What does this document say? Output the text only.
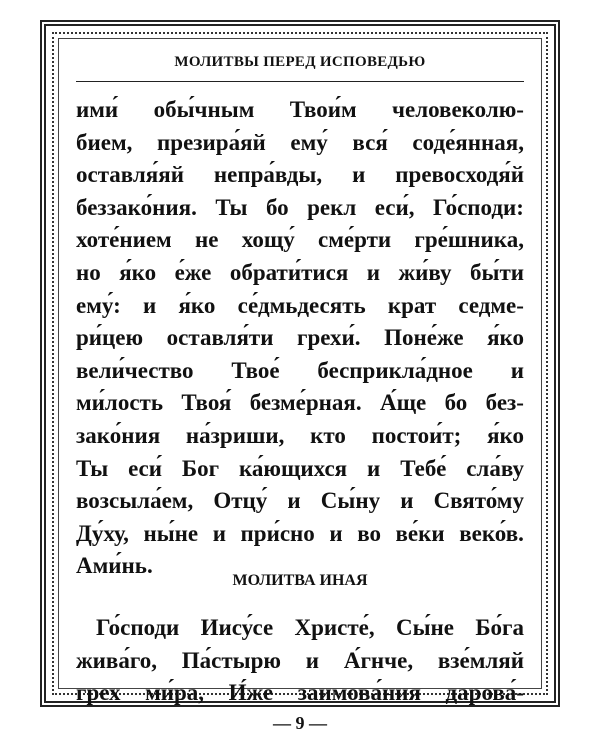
МОЛИТВЫ ПЕРЕД ИСПОВЕДЬЮ
ими́ обы́чным Твои́м человеколю-
бием, презира́яй ему́ вся́ соде́янная,
оставля́яй непра́вды, и превосходя́й
беззако́ния. Ты бо рекл еси́, Го́споди:
хоте́нием не хощу́ сме́рти гре́шника,
но я́ко е́же обрати́тися и жи́ву бы́ти
ему́: и я́ко се́дмьдесять крат седме-
ри́цею оставля́ти грехи́. Поне́же я́ко
вели́чество Твое́ бесприкла́дное и
ми́лость Твоя́ безме́рная. А́ще бо без-
зако́ния на́зриши, кто постои́т; я́ко
Ты еси́ Бог ка́ющихся и Тебе́ сла́ву
возсыла́ем, Отцу́ и Сы́ну и Свято́му
Ду́ху, ны́не и при́сно и во ве́ки веко́в.
Ами́нь.
МОЛИТВА ИНАЯ
Го́споди Иису́се Христе́, Сы́не Бо́га
жива́го, Па́стырю и А́гнче, взе́мляй
грех ми́ра, И́же заимова́ния дарова́-
— 9 —
